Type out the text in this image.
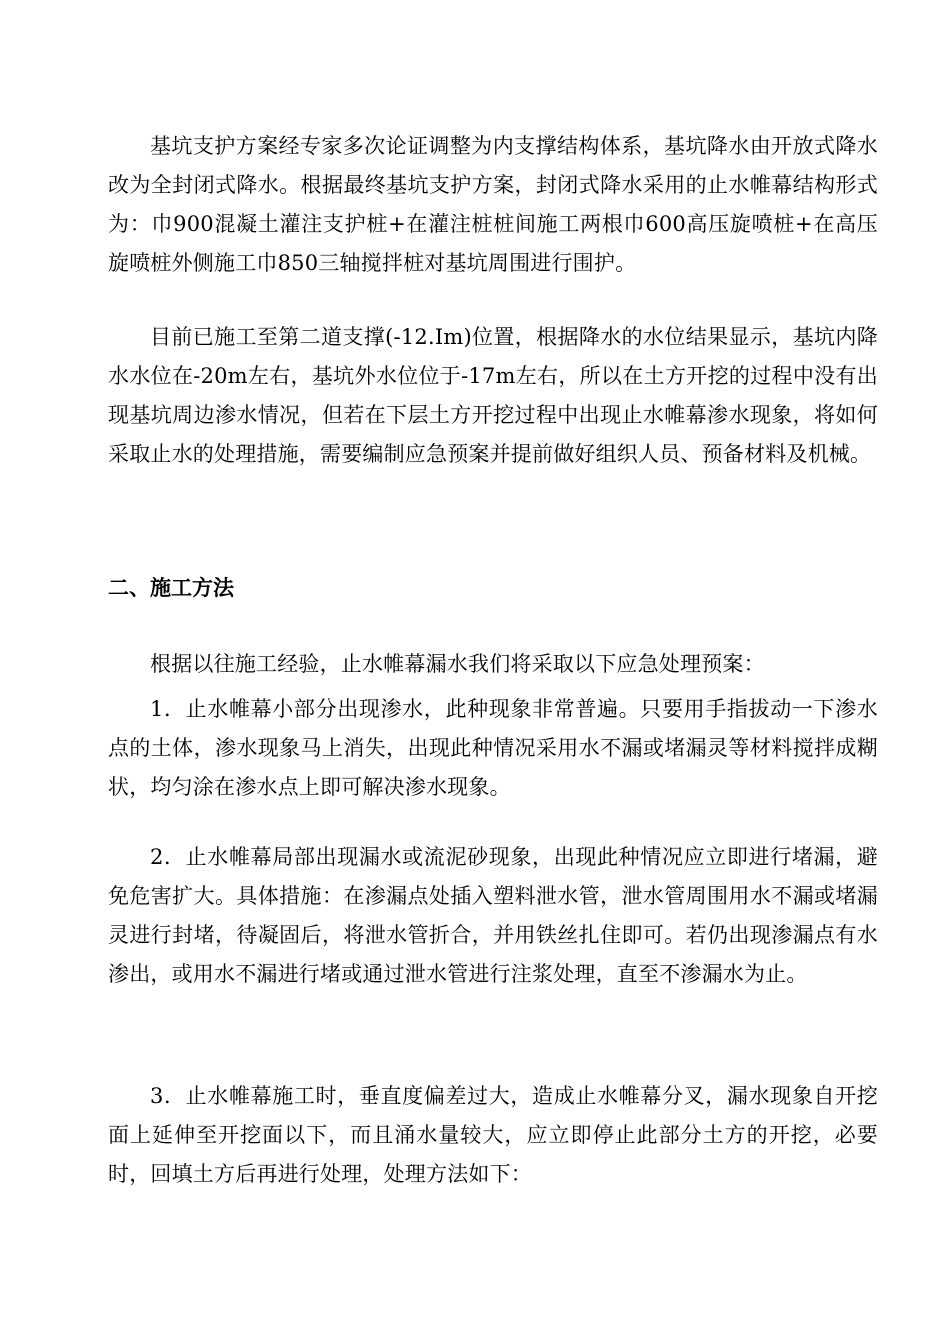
基坑支护方案经专家多次论证调整为内支撑结构体系，基坑降水由开放式降水改为全封闭式降水。根据最终基坑支护方案，封闭式降水采用的止水帷幕结构形式为：巾900混凝土灌注支护桩+在灌注桩桩间施工两根巾600高压旋喷桩+在高压旋喷桩外侧施工巾850三轴搅拌桩对基坑周围进行围护。

目前已施工至第二道支撑(-12.Im)位置，根据降水的水位结果显示，基坑内降水水位在-20m左右，基坑外水位位于-17m左右，所以在土方开挖的过程中没有出现基坑周边渗水情况，但若在下层土方开挖过程中出现止水帷幕渗水现象，将如何采取止水的处理措施，需要编制应急预案并提前做好组织人员、预备材料及机械。

二、施工方法

根据以往施工经验，止水帷幕漏水我们将采取以下应急处理预案：

1．止水帷幕小部分出现渗水，此种现象非常普遍。只要用手指拔动一下渗水点的土体，渗水现象马上消失，出现此种情况采用水不漏或堵漏灵等材料搅拌成糊状，均匀涂在渗水点上即可解决渗水现象。

2．止水帷幕局部出现漏水或流泥砂现象，出现此种情况应立即进行堵漏，避免危害扩大。具体措施：在渗漏点处插入塑料泄水管，泄水管周围用水不漏或堵漏灵进行封堵，待凝固后，将泄水管折合，并用铁丝扎住即可。若仍出现渗漏点有水渗出，或用水不漏进行堵或通过泄水管进行注浆处理，直至不渗漏水为止。

3．止水帷幕施工时，垂直度偏差过大，造成止水帷幕分叉，漏水现象自开挖面上延伸至开挖面以下，而且涌水量较大，应立即停止此部分土方的开挖，必要时，回填土方后再进行处理，处理方法如下：
